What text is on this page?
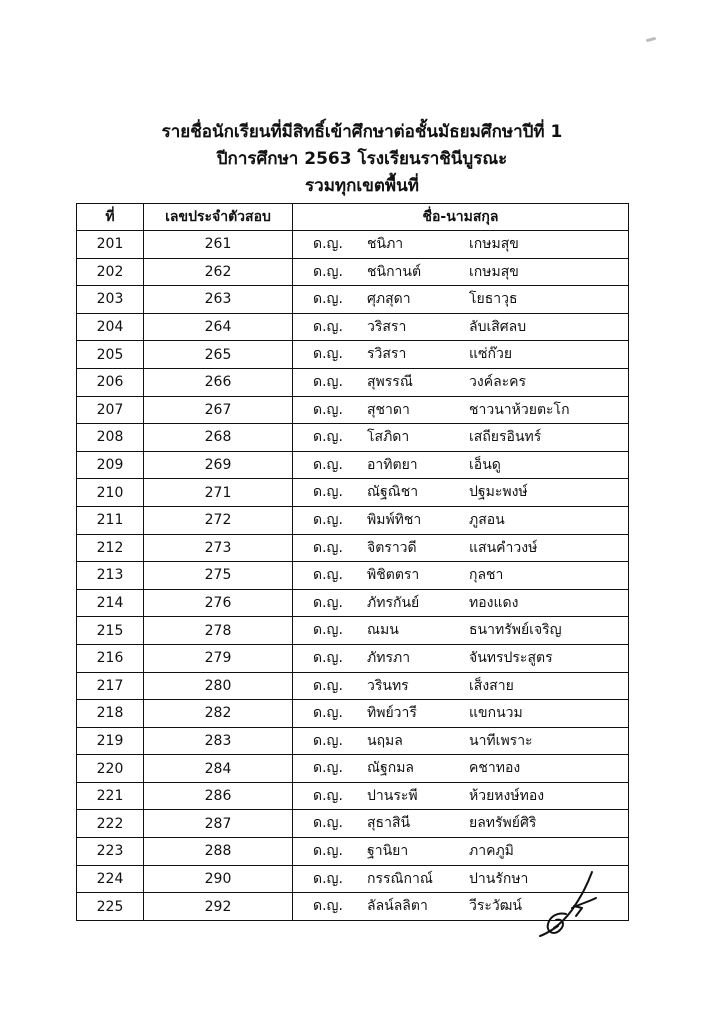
รายชื่อนักเรียนที่มีสิทธิ์เข้าศึกษาต่อชั้นมัธยมศึกษาปีที่ 1
ปีการศึกษา 2563 โรงเรียนราชินีบูรณะ
รวมทุกเขตพื้นที่
ที่	เลขประจำตัวสอบ	ชื่อ-นามสกุล
201	261	ด.ญ. ชนิภา เกษมสุข

202	262	ด.ญ. ชนิกานต์ เกษมสุข

203	263	ด.ญ. ศุภสุดา โยธาวุธ

204	264	ด.ญ. วริสรา ลับเสิศลบ

205	265	ด.ญ. รวิสรา แซ่ก๊วย

206	266	ด.ญ. สุพรรณี วงค์ละคร

207	267	ด.ญ. สุชาดา ชาวนาห้วยตะโก

208	268	ด.ญ. โสภิดา เสถียรอินทร์

209	269	ด.ญ. อาทิตยา เอ็นดู

210	271	ด.ญ. ณัฐณิชา ปฐมะพงษ์

211	272	ด.ญ. พิมพ์ทิชา ภูสอน

212	273	ด.ญ. จิตราวดี แสนคำวงษ์

213	275	ด.ญ. พิชิตตรา กุลชา

214	276	ด.ญ. ภัทรกันย์ ทองแดง

215	278	ด.ญ. ณมน ธนาทรัพย์เจริญ

216	279	ด.ญ. ภัทรภา จันทรประสูตร

217	280	ด.ญ. วรินทร เส็งสาย

218	282	ด.ญ. ทิพย์วารี แขกนวม

219	283	ด.ญ. นฤมล นาทีเพราะ

220	284	ด.ญ. ณัฐกมล คชาทอง

221	286	ด.ญ. ปานระพี ห้วยหงษ์ทอง

222	287	ด.ญ. สุธาสินี ยลทรัพย์ศิริ

223	288	ด.ญ. ฐานิยา ภาคภูมิ

224	290	ด.ญ. กรรณิกาณ์ ปานรักษา

225	292	ด.ญ. ลัลน์ลลิตา วีระวัฒน์
